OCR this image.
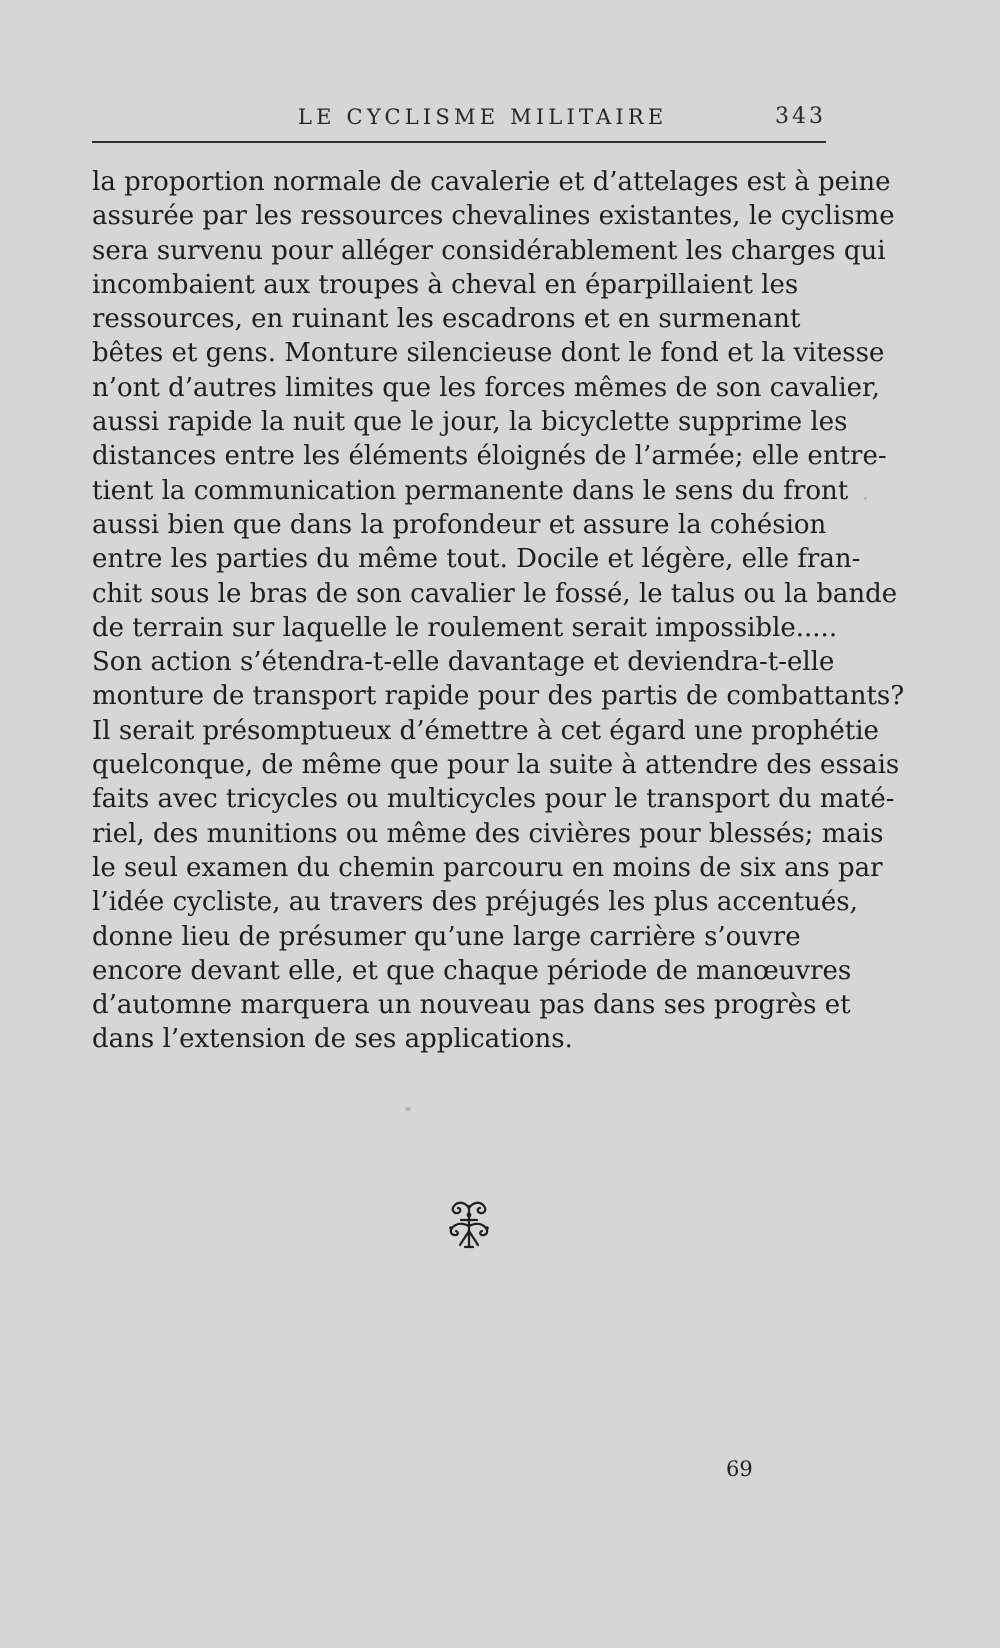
LE CYCLISME MILITAIRE	343
la proportion normale de cavalerie et d’attelages est à peine
assurée par les ressources chevalines existantes, le cyclisme
sera survenu pour alléger considérablement les charges qui
incombaient aux troupes à cheval en éparpillaient les
ressources, en ruinant les escadrons et en surmenant
bêtes et gens. Monture silencieuse dont le fond et la vitesse
n’ont d’autres limites que les forces mêmes de son cavalier,
aussi rapide la nuit que le jour, la bicyclette supprime les
distances entre les éléments éloignés de l’armée; elle entre-
tient la communication permanente dans le sens du front
aussi bien que dans la profondeur et assure la cohésion
entre les parties du même tout. Docile et légère, elle fran-
chit sous le bras de son cavalier le fossé, le talus ou la bande
de terrain sur laquelle le roulement serait impossible.....
Son action s’étendra-t-elle davantage et deviendra-t-elle
monture de transport rapide pour des partis de combattants?
Il serait présomptueux d’émettre à cet égard une prophétie
quelconque, de même que pour la suite à attendre des essais
faits avec tricycles ou multicycles pour le transport du maté-
riel, des munitions ou même des civières pour blessés; mais
le seul examen du chemin parcouru en moins de six ans par
l’idée cycliste, au travers des préjugés les plus accentués,
donne lieu de présumer qu’une large carrière s’ouvre
encore devant elle, et que chaque période de manœuvres
d’automne marquera un nouveau pas dans ses progrès et
dans l’extension de ses applications.
69
